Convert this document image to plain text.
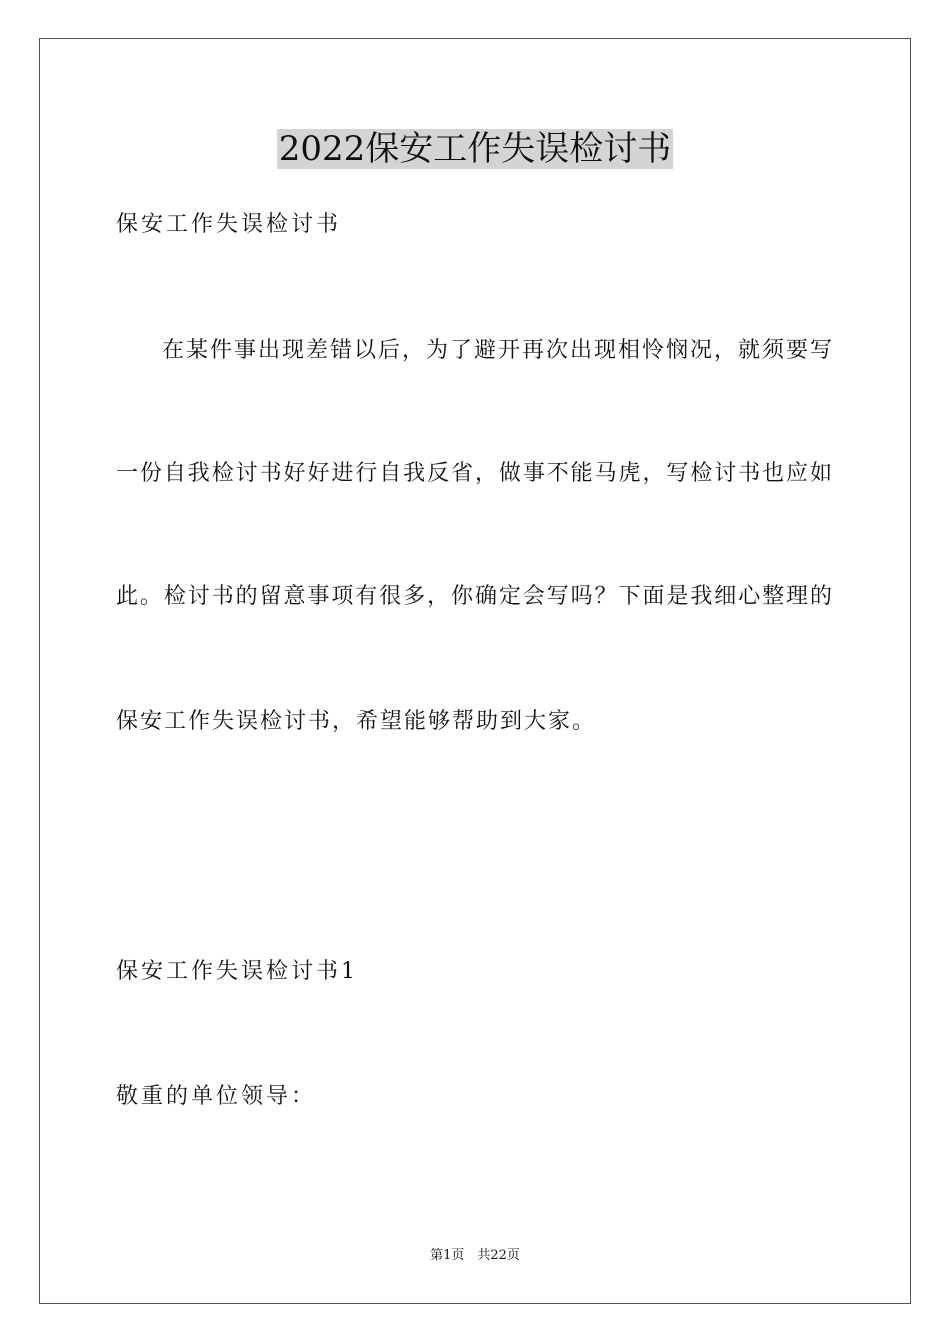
2022保安工作失误检讨书

保安工作失误检讨书

在某件事出现差错以后，为了避开再次出现相怜悯况，就须要写

一份自我检讨书好好进行自我反省，做事不能马虎，写检讨书也应如

此。检讨书的留意事项有很多，你确定会写吗？下面是我细心整理的

保安工作失误检讨书，希望能够帮助到大家。

保安工作失误检讨书1

敬重的单位领导：

第1页　共22页
